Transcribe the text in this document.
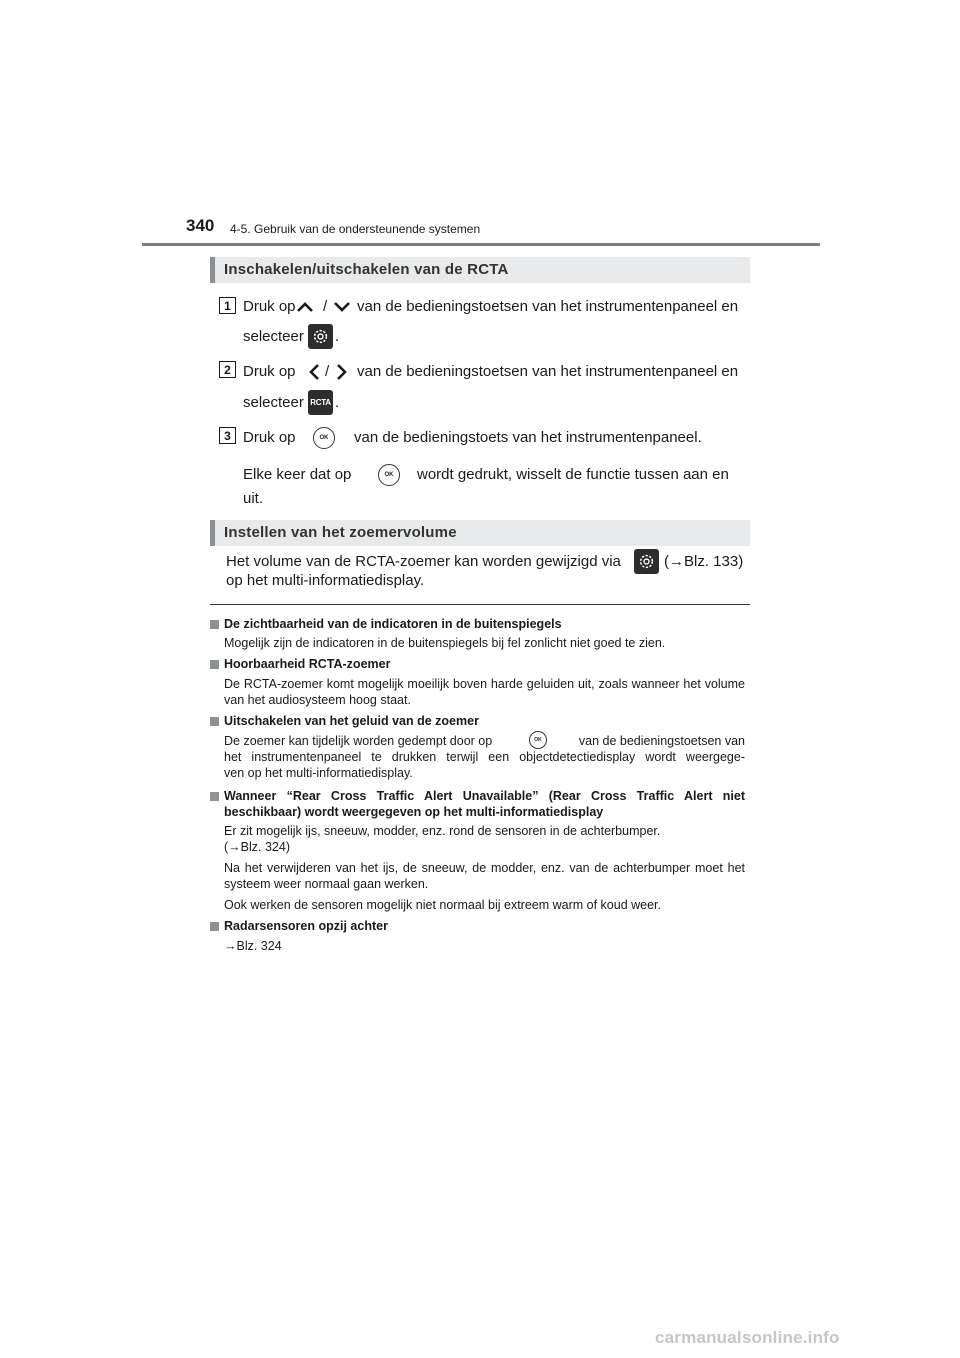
340 4-5. Gebruik van de ondersteunende systemen
Inschakelen/uitschakelen van de RCTA
1 Druk op / van de bedieningstoetsen van het instrumentenpaneel en
selecteer .
2 Druk op / van de bedieningstoetsen van het instrumentenpaneel en
selecteer RCTA .
3 Druk op	OK	van de bedieningstoets van het instrumentenpaneel.
Elke keer dat op	OK	wordt gedrukt, wisselt de functie tussen aan en
uit.
Instellen van het zoemervolume
Het volume van de RCTA-zoemer kan worden gewijzigd via	(→Blz. 133)
op het multi-informatiedisplay.
De zichtbaarheid van de indicatoren in de buitenspiegels
Mogelijk zijn de indicatoren in de buitenspiegels bij fel zonlicht niet goed te zien.
Hoorbaarheid RCTA-zoemer
De RCTA-zoemer komt mogelijk moeilijk boven harde geluiden uit, zoals wanneer het volume van het audiosysteem hoog staat.
Uitschakelen van het geluid van de zoemer
De zoemer kan tijdelijk worden gedempt door op	OK	van de bedieningstoetsen van
het instrumentenpaneel te drukken terwijl een objectdetectiedisplay wordt weergege-
ven op het multi-informatiedisplay.
Wanneer “Rear Cross Traffic Alert Unavailable” (Rear Cross Traffic Alert niet beschikbaar) wordt weergegeven op het multi-informatiedisplay
Er zit mogelijk ijs, sneeuw, modder, enz. rond de sensoren in de achterbumper.
(→Blz. 324)
Na het verwijderen van het ijs, de sneeuw, de modder, enz. van de achterbumper moet het systeem weer normaal gaan werken.
Ook werken de sensoren mogelijk niet normaal bij extreem warm of koud weer.
Radarsensoren opzij achter
→Blz. 324
carmanualsonline.info
